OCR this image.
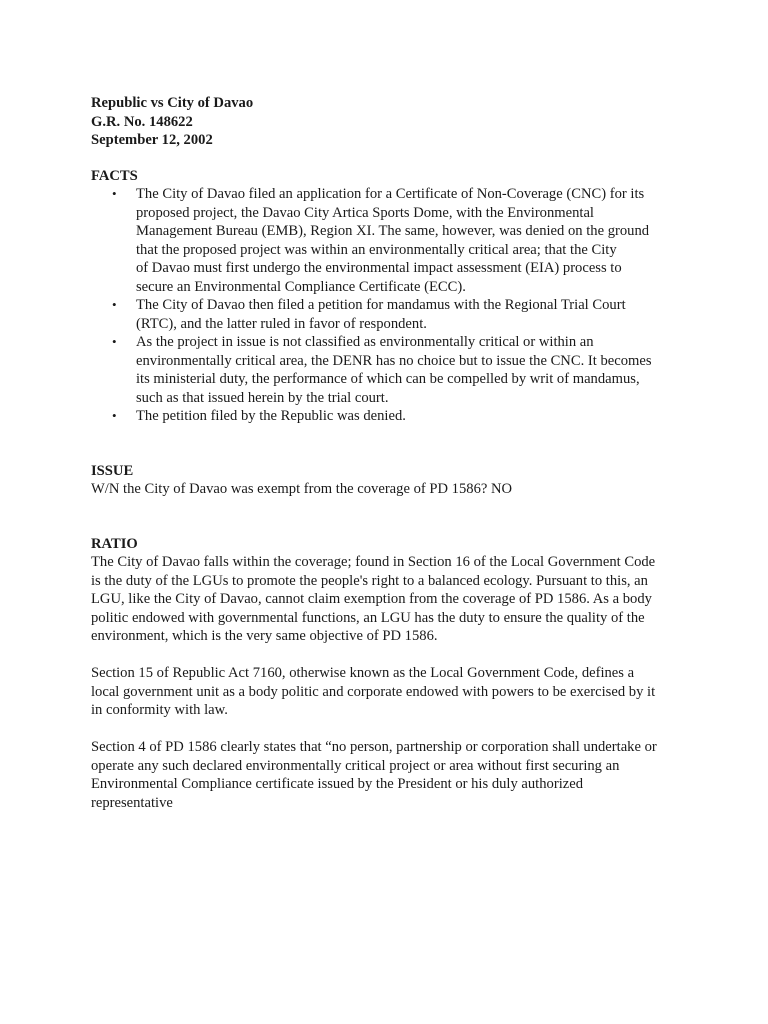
Republic vs City of Davao
G.R. No. 148622
September 12, 2002
FACTS
• The City of Davao filed an application for a Certificate of Non-Coverage (CNC) for its
proposed project, the Davao City Artica Sports Dome, with the Environmental
Management Bureau (EMB), Region XI. The same, however, was denied on the ground
that the proposed project was within an environmentally critical area; that the City
of Davao must first undergo the environmental impact assessment (EIA) process to
secure an Environmental Compliance Certificate (ECC).
• The City of Davao then filed a petition for mandamus with the Regional Trial Court
(RTC), and the latter ruled in favor of respondent.
• As the project in issue is not classified as environmentally critical or within an
environmentally critical area, the DENR has no choice but to issue the CNC. It becomes
its ministerial duty, the performance of which can be compelled by writ of mandamus,
such as that issued herein by the trial court.
• The petition filed by the Republic was denied.
ISSUE
W/N the City of Davao was exempt from the coverage of PD 1586? NO
RATIO
The City of Davao falls within the coverage; found in Section 16 of the Local Government Code
is the duty of the LGUs to promote the people's right to a balanced ecology. Pursuant to this, an
LGU, like the City of Davao, cannot claim exemption from the coverage of PD 1586. As a body
politic endowed with governmental functions, an LGU has the duty to ensure the quality of the
environment, which is the very same objective of PD 1586.
Section 15 of Republic Act 7160, otherwise known as the Local Government Code, defines a
local government unit as a body politic and corporate endowed with powers to be exercised by it
in conformity with law.
Section 4 of PD 1586 clearly states that “no person, partnership or corporation shall undertake or
operate any such declared environmentally critical project or area without first securing an
Environmental Compliance certificate issued by the President or his duly authorized
representative
